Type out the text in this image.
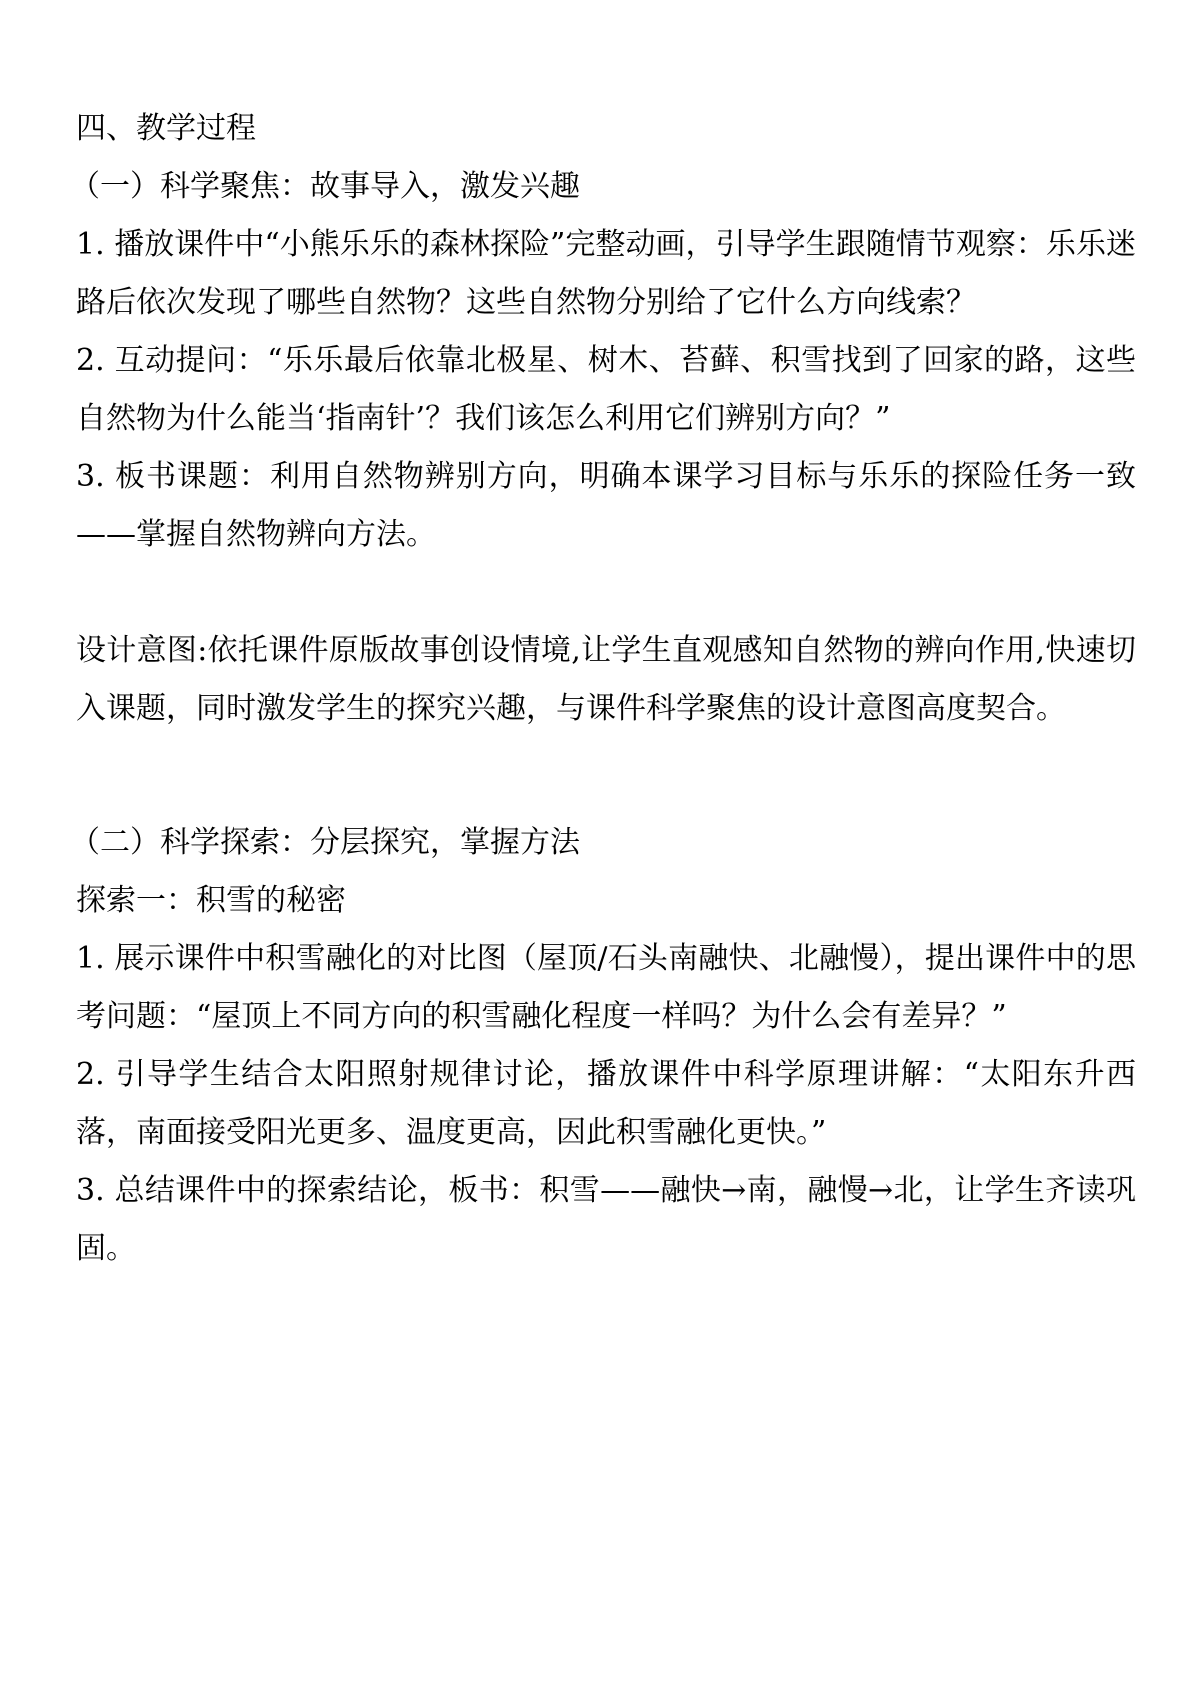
四、教学过程

（一）科学聚焦：故事导入，激发兴趣

1. 播放课件中“小熊乐乐的森林探险”完整动画，引导学生跟随情节观察：乐乐迷路后依次发现了哪些自然物？这些自然物分别给了它什么方向线索？

2. 互动提问：“乐乐最后依靠北极星、树木、苔藓、积雪找到了回家的路，这些自然物为什么能当‘指南针’？我们该怎么利用它们辨别方向？”

3. 板书课题：利用自然物辨别方向，明确本课学习目标与乐乐的探险任务一致——掌握自然物辨向方法。

设计意图:依托课件原版故事创设情境,让学生直观感知自然物的辨向作用,快速切入课题，同时激发学生的探究兴趣，与课件科学聚焦的设计意图高度契合。

（二）科学探索：分层探究，掌握方法

探索一：积雪的秘密

1. 展示课件中积雪融化的对比图（屋顶/石头南融快、北融慢），提出课件中的思考问题：“屋顶上不同方向的积雪融化程度一样吗？为什么会有差异？”

2. 引导学生结合太阳照射规律讨论，播放课件中科学原理讲解：“太阳东升西落，南面接受阳光更多、温度更高，因此积雪融化更快。”

3. 总结课件中的探索结论，板书：积雪——融快→南，融慢→北，让学生齐读巩固。
